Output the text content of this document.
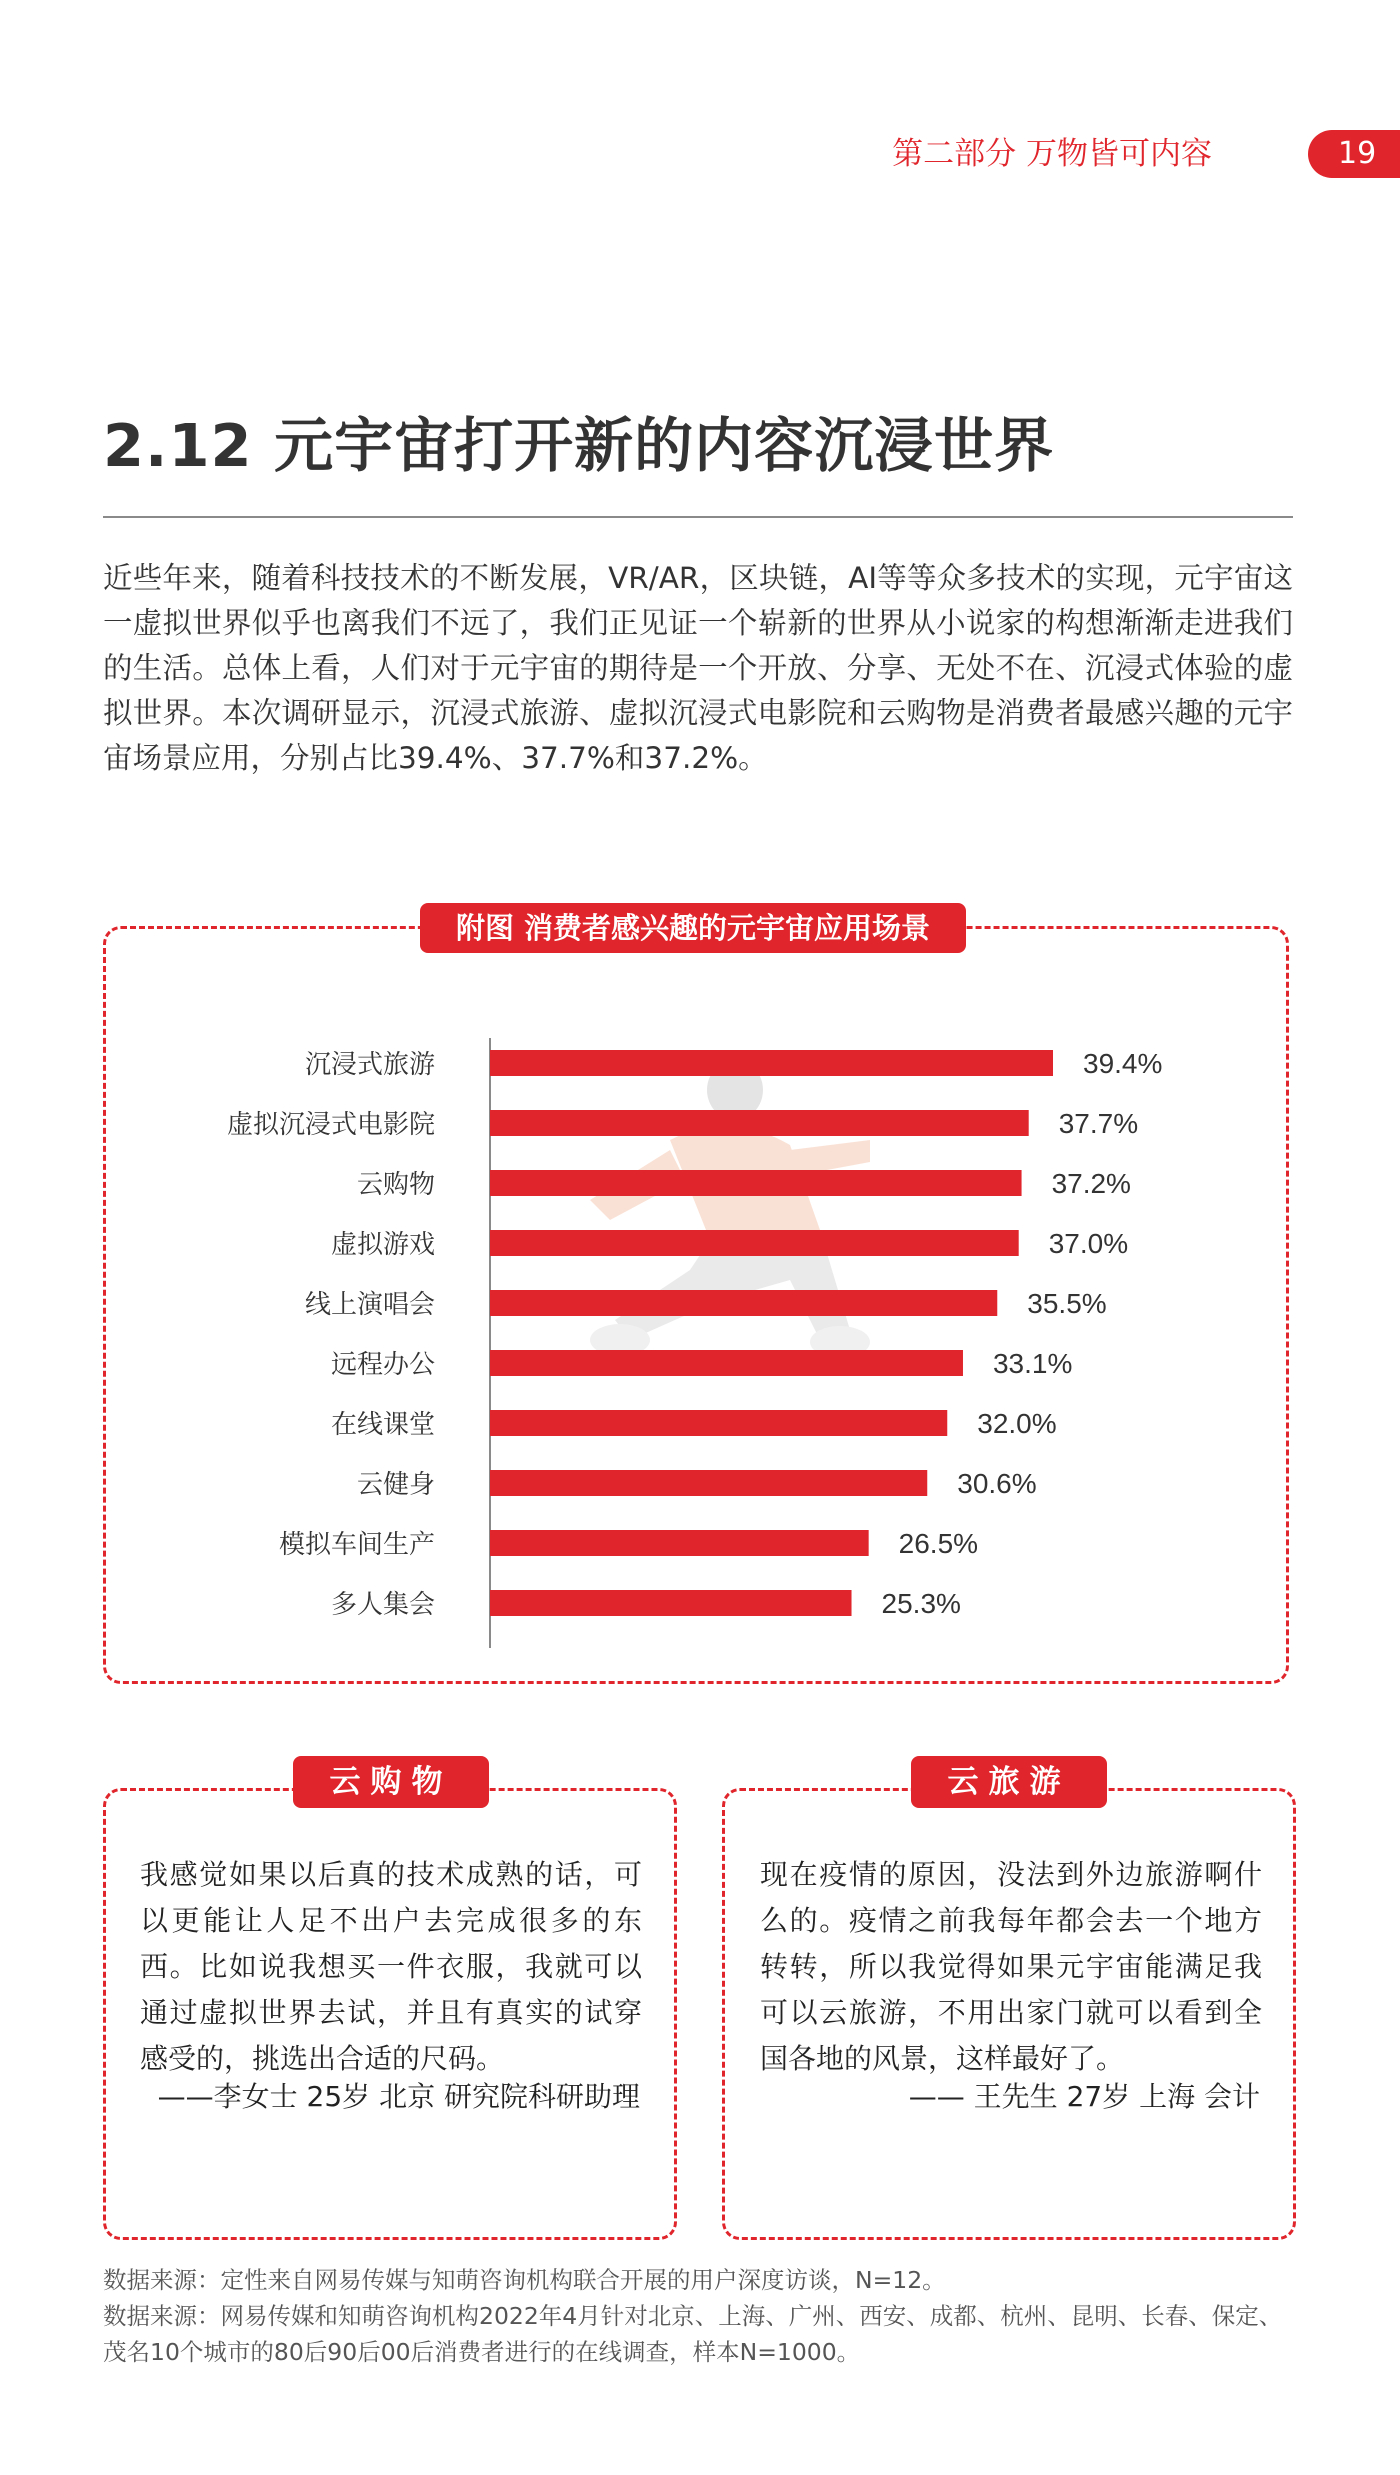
第二部分 万物皆可内容	19
2.12 元宇宙打开新的内容沉浸世界

近些年来，随着科技技术的不断发展，VR/AR，区块链，AI等等众多技术的实现，元宇宙这一虚拟世界似乎也离我们不远了，我们正见证一个崭新的世界从小说家的构想渐渐走进我们的生活。总体上看，人们对于元宇宙的期待是一个开放、分享、无处不在、沉浸式体验的虚拟世界。本次调研显示，沉浸式旅游、虚拟沉浸式电影院和云购物是消费者最感兴趣的元宇宙场景应用，分别占比39.4%、37.7%和37.2%。

附图 消费者感兴趣的元宇宙应用场景
沉浸式旅游	39.4%
虚拟沉浸式电影院	37.7%
云购物	37.2%
虚拟游戏	37.0%
线上演唱会	35.5%
远程办公	33.1%
在线课堂	32.0%
云健身	30.6%
模拟车间生产	26.5%
多人集会	25.3%
云购物
我感觉如果以后真的技术成熟的话，可以更能让人足不出户去完成很多的东西。比如说我想买一件衣服，我就可以通过虚拟世界去试，并且有真实的试穿感受的，挑选出合适的尺码。
——李女士 25岁 北京 研究院科研助理
云旅游
现在疫情的原因，没法到外边旅游啊什么的。疫情之前我每年都会去一个地方转转，所以我觉得如果元宇宙能满足我可以云旅游，不用出家门就可以看到全国各地的风景，这样最好了。
—— 王先生 27岁 上海 会计

数据来源：定性来自网易传媒与知萌咨询机构联合开展的用户深度访谈，N=12。

数据来源：网易传媒和知萌咨询机构2022年4月针对北京、上海、广州、西安、成都、杭州、昆明、长春、保定、茂名10个城市的80后90后00后消费者进行的在线调查，样本N=1000。
